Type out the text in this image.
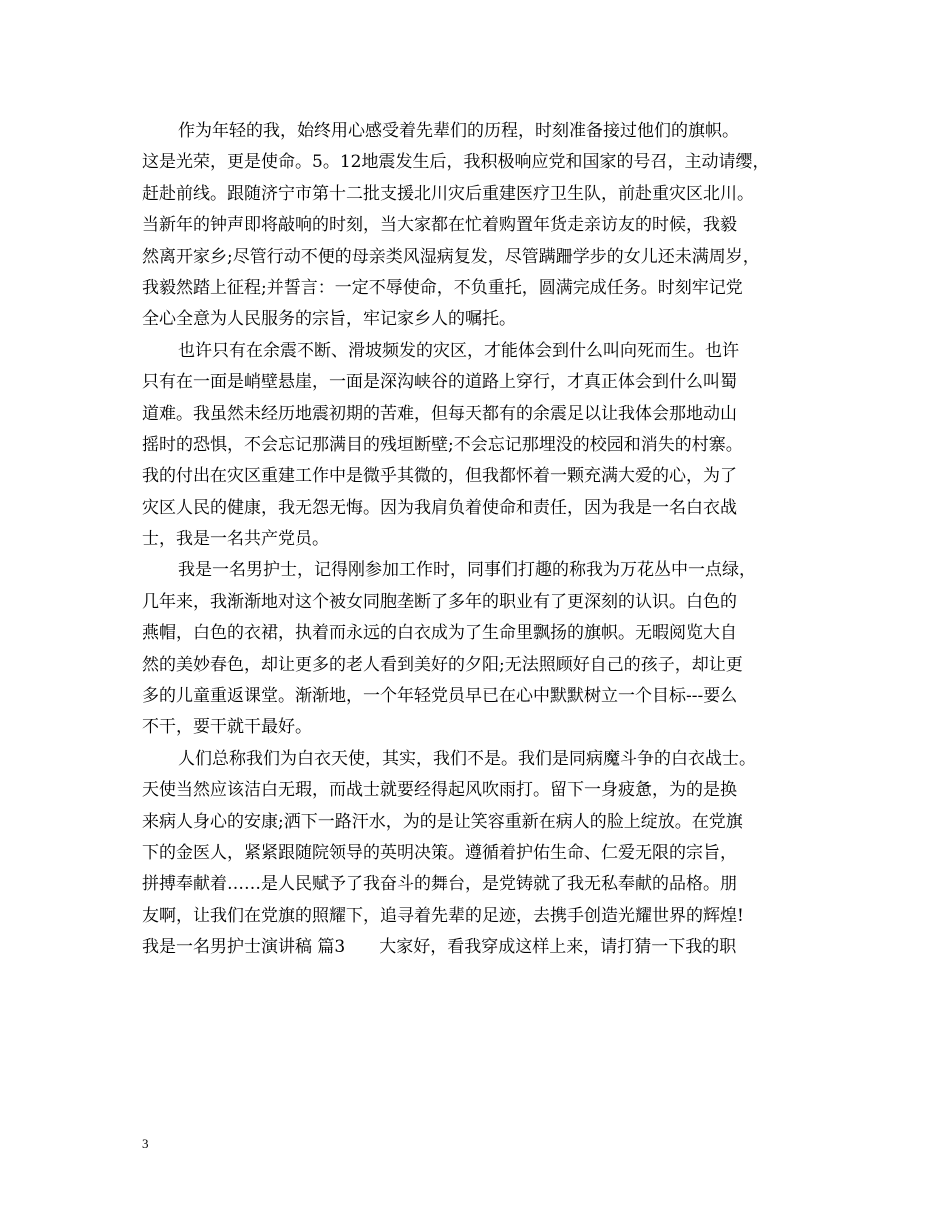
作为年轻的我，始终用心感受着先辈们的历程，时刻准备接过他们的旗帜。
这是光荣，更是使命。5。12地震发生后，我积极响应党和国家的号召，主动请缨，
赶赴前线。跟随济宁市第十二批支援北川灾后重建医疗卫生队，前赴重灾区北川。
当新年的钟声即将敲响的时刻，当大家都在忙着购置年货走亲访友的时候，我毅
然离开家乡;尽管行动不便的母亲类风湿病复发，尽管蹒跚学步的女儿还未满周岁，
我毅然踏上征程;并誓言：一定不辱使命，不负重托，圆满完成任务。时刻牢记党
全心全意为人民服务的宗旨，牢记家乡人的嘱托。
也许只有在余震不断、滑坡频发的灾区，才能体会到什么叫向死而生。也许
只有在一面是峭壁悬崖，一面是深沟峡谷的道路上穿行，才真正体会到什么叫蜀
道难。我虽然未经历地震初期的苦难，但每天都有的余震足以让我体会那地动山
摇时的恐惧，不会忘记那满目的残垣断壁;不会忘记那埋没的校园和消失的村寨。
我的付出在灾区重建工作中是微乎其微的，但我都怀着一颗充满大爱的心，为了
灾区人民的健康，我无怨无悔。因为我肩负着使命和责任，因为我是一名白衣战
士，我是一名共产党员。
我是一名男护士，记得刚参加工作时，同事们打趣的称我为万花丛中一点绿，
几年来，我渐渐地对这个被女同胞垄断了多年的职业有了更深刻的认识。白色的
燕帽，白色的衣裙，执着而永远的白衣成为了生命里飘扬的旗帜。无暇阅览大自
然的美妙春色，却让更多的老人看到美好的夕阳;无法照顾好自己的孩子，却让更
多的儿童重返课堂。渐渐地，一个年轻党员早已在心中默默树立一个目标---要么
不干，要干就干最好。
人们总称我们为白衣天使，其实，我们不是。我们是同病魔斗争的白衣战士。
天使当然应该洁白无瑕，而战士就要经得起风吹雨打。留下一身疲惫，为的是换
来病人身心的安康;洒下一路汗水，为的是让笑容重新在病人的脸上绽放。在党旗
下的金医人，紧紧跟随院领导的英明决策。遵循着护佑生命、仁爱无限的宗旨，
拼搏奉献着……是人民赋予了我奋斗的舞台，是党铸就了我无私奉献的品格。朋
友啊，让我们在党旗的照耀下，追寻着先辈的足迹，去携手创造光耀世界的辉煌!
我是一名男护士演讲稿 篇3　　大家好，看我穿成这样上来，请打猜一下我的职
3
